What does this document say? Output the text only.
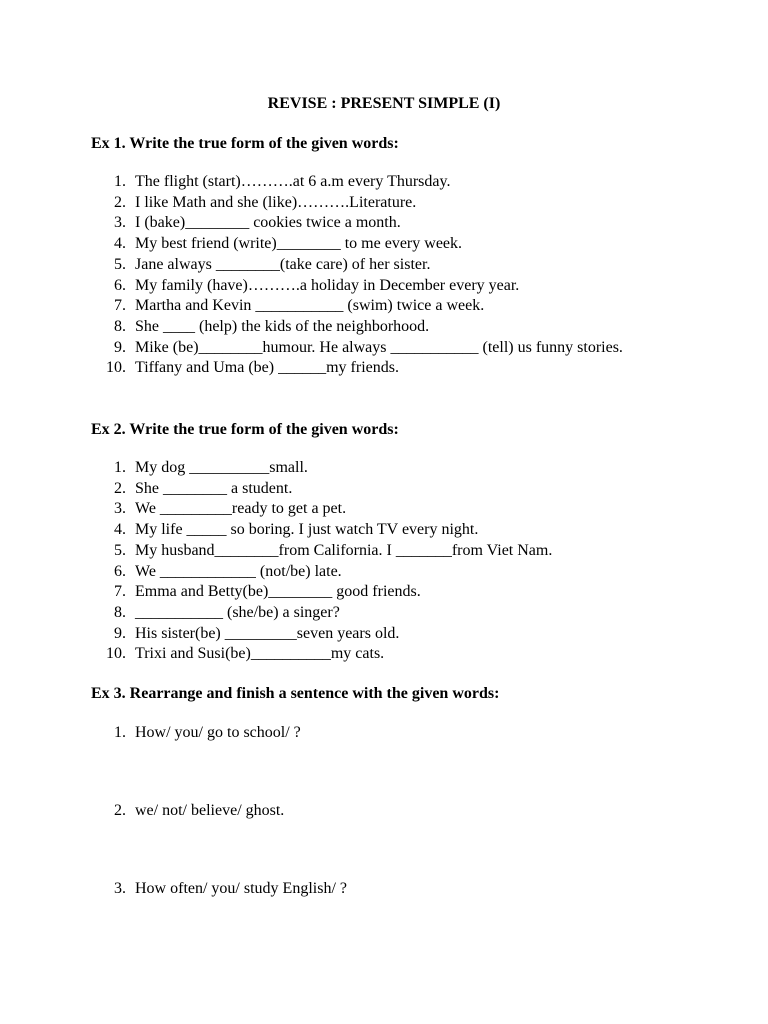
REVISE : PRESENT SIMPLE (I)
Ex 1. Write the true form of the given words:
1. The flight (start)……….at 6 a.m every Thursday.
2. I like Math and she (like)……….Literature.
3. I (bake)________ cookies twice a month.
4. My best friend (write)________ to me every week.
5. Jane always ________(take care) of her sister.
6. My family (have)……….a holiday in December every year.
7. Martha and Kevin ___________ (swim) twice a week.
8. She ____ (help) the kids of the neighborhood.
9. Mike (be)________humour. He always ___________ (tell) us funny stories.
10. Tiffany and Uma (be) ______my friends.
Ex 2. Write the true form of the given words:
1. My dog __________small.
2. She ________ a student.
3. We _________ready to get a pet.
4. My life _____ so boring. I just watch TV every night.
5. My husband________from California. I _______from Viet Nam.
6. We ____________ (not/be) late.
7. Emma and Betty(be)________ good friends.
8. ___________ (she/be) a singer?
9. His sister(be) _________seven years old.
10. Trixi and Susi(be)__________my cats.
Ex 3. Rearrange and finish a sentence with the given words:
1. How/ you/ go to school/ ?
2. we/ not/ believe/ ghost.
3. How often/ you/ study English/ ?
